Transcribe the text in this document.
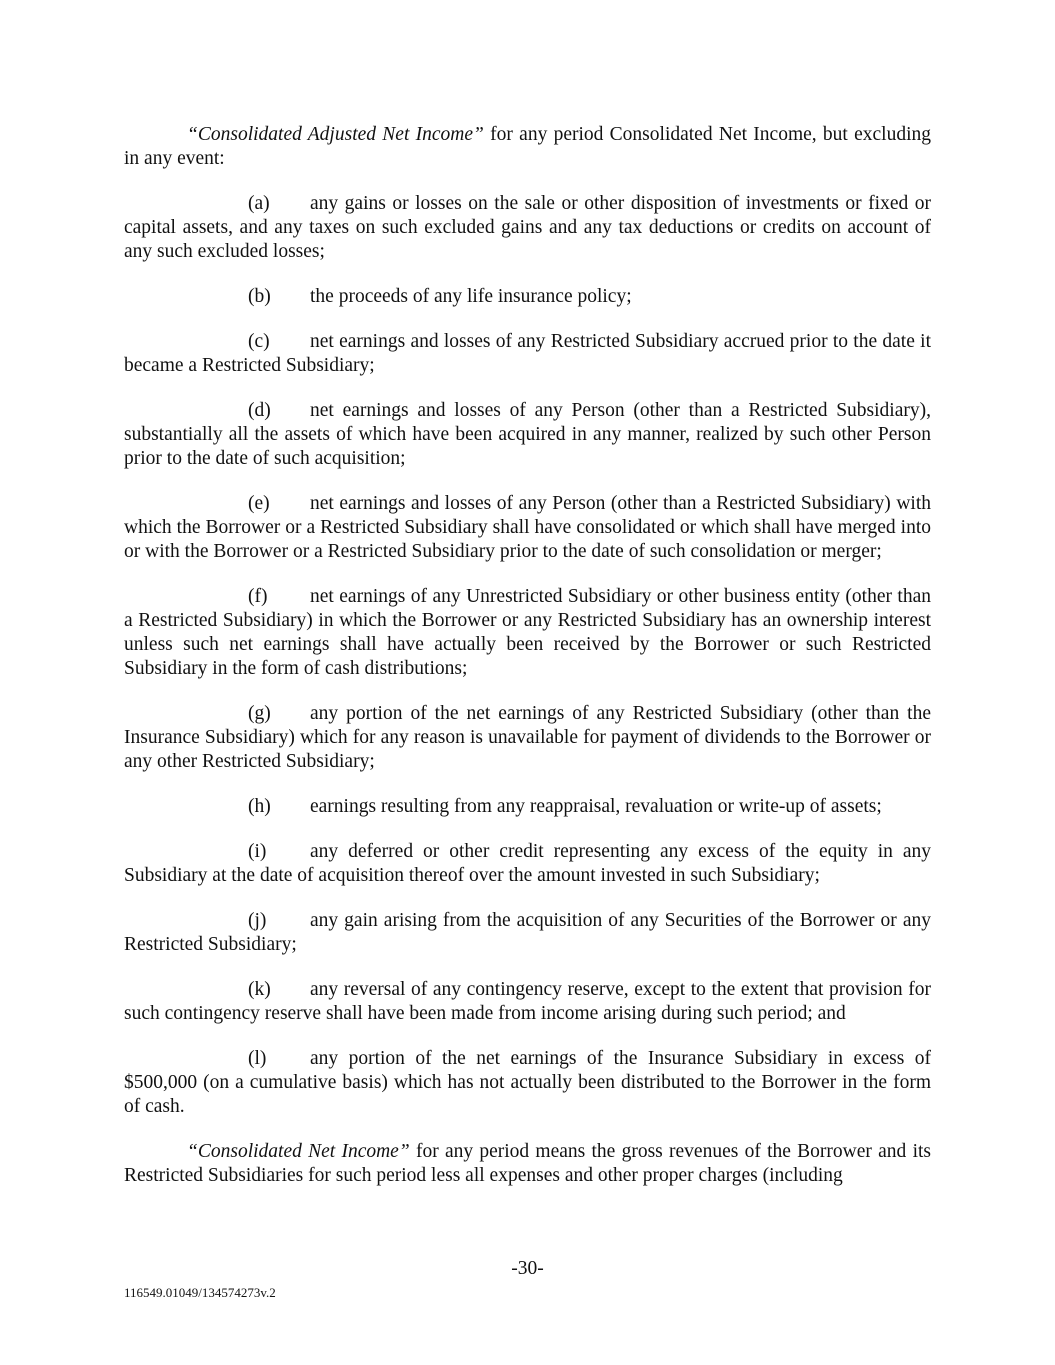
“Consolidated Adjusted Net Income” for any period Consolidated Net Income, but excluding in any event:

(a) any gains or losses on the sale or other disposition of investments or fixed or capital assets, and any taxes on such excluded gains and any tax deductions or credits on account of any such excluded losses;

(b) the proceeds of any life insurance policy;

(c) net earnings and losses of any Restricted Subsidiary accrued prior to the date it became a Restricted Subsidiary;

(d) net earnings and losses of any Person (other than a Restricted Subsidiary), substantially all the assets of which have been acquired in any manner, realized by such other Person prior to the date of such acquisition;

(e) net earnings and losses of any Person (other than a Restricted Subsidiary) with which the Borrower or a Restricted Subsidiary shall have consolidated or which shall have merged into or with the Borrower or a Restricted Subsidiary prior to the date of such consolidation or merger;

(f) net earnings of any Unrestricted Subsidiary or other business entity (other than a Restricted Subsidiary) in which the Borrower or any Restricted Subsidiary has an ownership interest unless such net earnings shall have actually been received by the Borrower or such Restricted Subsidiary in the form of cash distributions;

(g) any portion of the net earnings of any Restricted Subsidiary (other than the Insurance Subsidiary) which for any reason is unavailable for payment of dividends to the Borrower or any other Restricted Subsidiary;

(h) earnings resulting from any reappraisal, revaluation or write-up of assets;

(i) any deferred or other credit representing any excess of the equity in any Subsidiary at the date of acquisition thereof over the amount invested in such Subsidiary;

(j) any gain arising from the acquisition of any Securities of the Borrower or any Restricted Subsidiary;

(k) any reversal of any contingency reserve, except to the extent that provision for such contingency reserve shall have been made from income arising during such period; and

(l) any portion of the net earnings of the Insurance Subsidiary in excess of $500,000 (on a cumulative basis) which has not actually been distributed to the Borrower in the form of cash.

“Consolidated Net Income” for any period means the gross revenues of the Borrower and its Restricted Subsidiaries for such period less all expenses and other proper charges (including

-30-
116549.01049/134574273v.2
